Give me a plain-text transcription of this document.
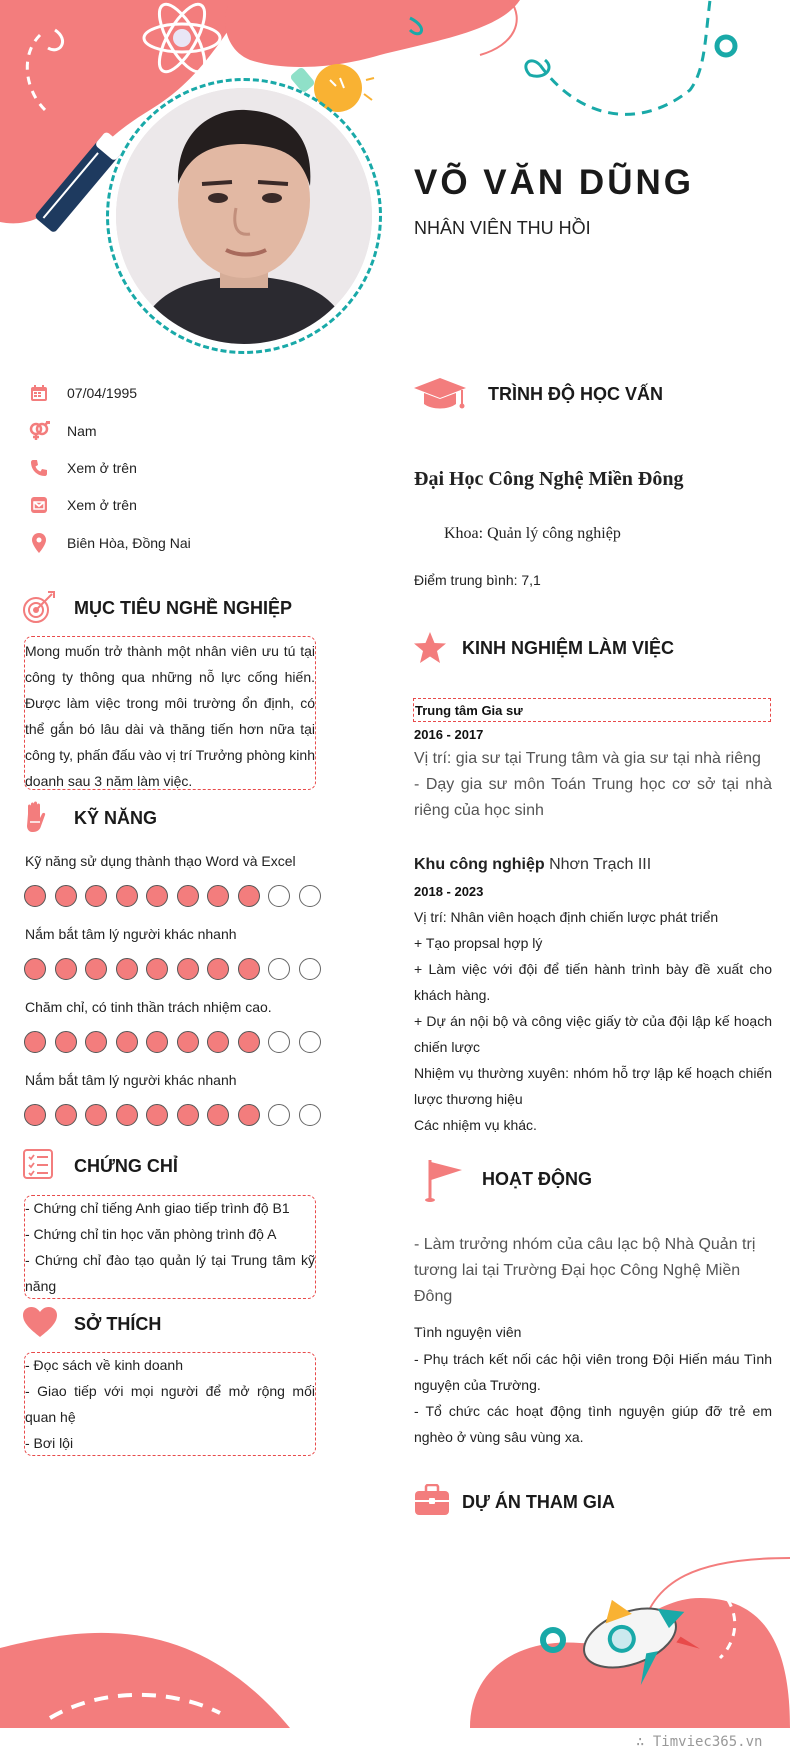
VÕ VĂN DŨNG
NHÂN VIÊN THU HỒI
07/04/1995
Nam
Xem ở trên
Xem ở trên
Biên Hòa, Đồng Nai
MỤC TIÊU NGHỀ NGHIỆP
Mong muốn trở thành một nhân viên ưu tú tại công ty thông qua những nỗ lực cống hiến. Được làm việc trong môi trường ổn định, có thể gắn bó lâu dài và thăng tiến hơn nữa tại công ty, phấn đấu vào vị trí Trưởng phòng kinh doanh sau 3 năm làm việc.
KỸ NĂNG
Kỹ năng sử dụng thành thạo Word và Excel
Nắm bắt tâm lý người khác nhanh
Chăm chỉ, có tinh thần trách nhiệm cao.
Nắm bắt tâm lý người khác nhanh
CHỨNG CHỈ
- Chứng chỉ tiếng Anh giao tiếp trình độ B1
- Chứng chỉ tin học văn phòng trình độ A
- Chứng chỉ đào tạo quản lý tại Trung tâm kỹ năng
SỞ THÍCH
- Đọc sách về kinh doanh
- Giao tiếp với mọi người để mở rộng mối quan hệ
- Bơi lội
TRÌNH ĐỘ HỌC VẤN
Đại Học Công Nghệ Miền Đông
Khoa: Quản lý công nghiệp
Điểm trung bình: 7,1
KINH NGHIỆM LÀM VIỆC
Trung tâm Gia sư
2016 - 2017
Vị trí: gia sư tại Trung tâm và gia sư tại nhà riêng
- Dạy gia sư môn Toán Trung học cơ sở tại nhà riêng của học sinh
Khu công nghiệp Nhơn Trạch III
2018 - 2023
Vị trí: Nhân viên hoạch định chiến lược phát triển
+ Tạo propsal hợp lý
+ Làm việc với đội để tiến hành trình bày đề xuất cho khách hàng.
+ Dự án nội bộ và công việc giấy tờ của đội lập kế hoạch chiến lược
Nhiệm vụ thường xuyên: nhóm hỗ trợ lập kế hoạch chiến lược thương hiệu
Các nhiệm vụ khác.
HOẠT ĐỘNG
- Làm trưởng nhóm của câu lạc bộ Nhà Quản trị tương lai tại Trường Đại học Công Nghệ Miền Đông
Tình nguyện viên
- Phụ trách kết nối các hội viên trong Đội Hiến máu Tình nguyện của Trường.
- Tổ chức các hoạt động tình nguyện giúp đỡ trẻ em nghèo ở vùng sâu vùng xa.
DỰ ÁN THAM GIA
∴ Timviec365.vn
